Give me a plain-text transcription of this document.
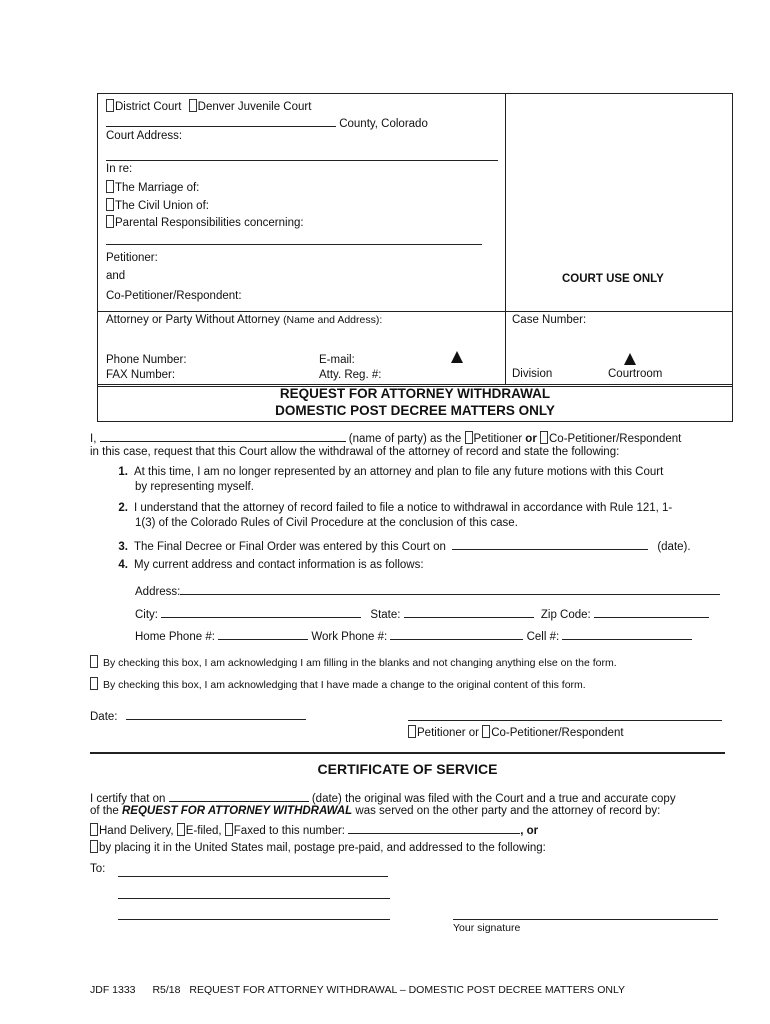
District Court Denver Juvenile Court
County, Colorado
Court Address:
In re:
The Marriage of:
The Civil Union of:
Parental Responsibilities concerning:
Petitioner:
and
Co-Petitioner/Respondent:
COURT USE ONLY
Attorney or Party Without Attorney (Name and Address):
Phone Number:
FAX Number:
E-mail:
Atty. Reg. #:
Case Number:
Division	Courtroom
REQUEST FOR ATTORNEY WITHDRAWAL
DOMESTIC POST DECREE MATTERS ONLY
I,	(name of party) as the Petitioner or Co-Petitioner/Respondent
in this case, request that this Court allow the withdrawal of the attorney of record and state the following:
1. At this time, I am no longer represented by an attorney and plan to file any future motions with this Court
by representing myself.
2. I understand that the attorney of record failed to file a notice to withdrawal in accordance with Rule 121, 1-
1(3) of the Colorado Rules of Civil Procedure at the conclusion of this case.
3. The Final Decree or Final Order was entered by this Court on	(date).
4. My current address and contact information is as follows:
Address:
City:	State:	Zip Code:
Home Phone #:	Work Phone #:	Cell #:
By checking this box, I am acknowledging I am filling in the blanks and not changing anything else on the form.
By checking this box, I am acknowledging that I have made a change to the original content of this form.
Date:
Petitioner or Co-Petitioner/Respondent
CERTIFICATE OF SERVICE
I certify that on	(date) the original was filed with the Court and a true and accurate copy
of the REQUEST FOR ATTORNEY WITHDRAWAL was served on the other party and the attorney of record by:
Hand Delivery, E-filed, Faxed to this number:	, or
by placing it in the United States mail, postage pre-paid, and addressed to the following:
To:
Your signature
JDF 1333 R5/18 REQUEST FOR ATTORNEY WITHDRAWAL – DOMESTIC POST DECREE MATTERS ONLY
